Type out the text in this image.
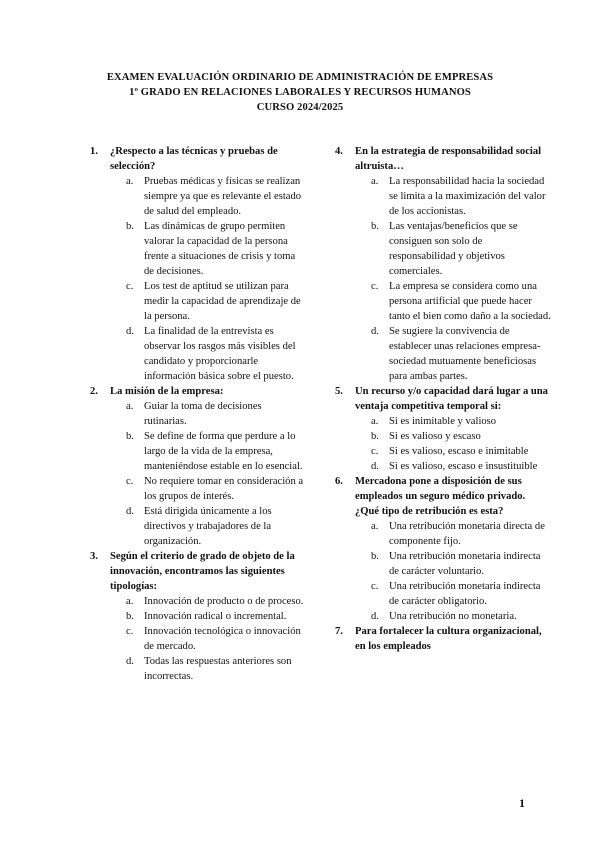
EXAMEN EVALUACIÓN ORDINARIO DE ADMINISTRACIÓN DE EMPRESAS
1º GRADO EN RELACIONES LABORALES Y RECURSOS HUMANOS
CURSO 2024/2025
1.	¿Respecto a las técnicas y pruebas de selección?
a.	Pruebas médicas y físicas se realizan siempre ya que es relevante el estado de salud del empleado.
b. Las dinámicas de grupo permiten valorar la capacidad de la persona frente a situaciones de crisis y toma de decisiones.
c.	Los test de aptitud se utilizan para medir la capacidad de aprendizaje de la persona.
d. La finalidad de la entrevista es observar los rasgos más visibles del candidato y proporcionarle información básica sobre el puesto.
2.	La misión de la empresa:
a.	Guiar la toma de decisiones rutinarias.
b. Se define de forma que perdure a lo largo de la vida de la empresa, manteniéndose estable en lo esencial.
c.	No requiere tomar en consideración a los grupos de interés.
d. Está dirigida únicamente a los directivos y trabajadores de la organización.
3.	Según el criterio de grado de objeto de la innovación, encontramos las siguientes tipologías:
a.	Innovación de producto o de proceso.
b. Innovación radical o incremental.
c.	Innovación tecnológica o innovación de mercado.
d. Todas las respuestas anteriores son incorrectas.
4.	En la estrategia de responsabilidad social altruista…
a.	La responsabilidad hacia la sociedad se limita a la maximización del valor de los accionistas.
b. Las ventajas/beneficios que se consiguen son solo de responsabilidad y objetivos comerciales.
c.	La empresa se considera como una persona artificial que puede hacer tanto el bien como daño a la sociedad.
d. Se sugiere la convivencia de establecer unas relaciones empresa-sociedad mutuamente beneficiosas para ambas partes.
5.	Un recurso y/o capacidad dará lugar a una ventaja competitiva temporal si:
a.	Si es inimitable y valioso
b. Si es valioso y escaso
c.	Si es valioso, escaso e inimitable
d. Si es valioso, escaso e insustituible
6.	Mercadona pone a disposición de sus empleados un seguro médico privado. ¿Qué tipo de retribución es esta?
a.	Una retribución monetaria directa de componente fijo.
b. Una retribución monetaria indirecta de carácter voluntario.
c.	Una retribución monetaria indirecta de carácter obligatorio.
d. Una retribución no monetaria.
7.	Para fortalecer la cultura organizacional, en los empleados
1
